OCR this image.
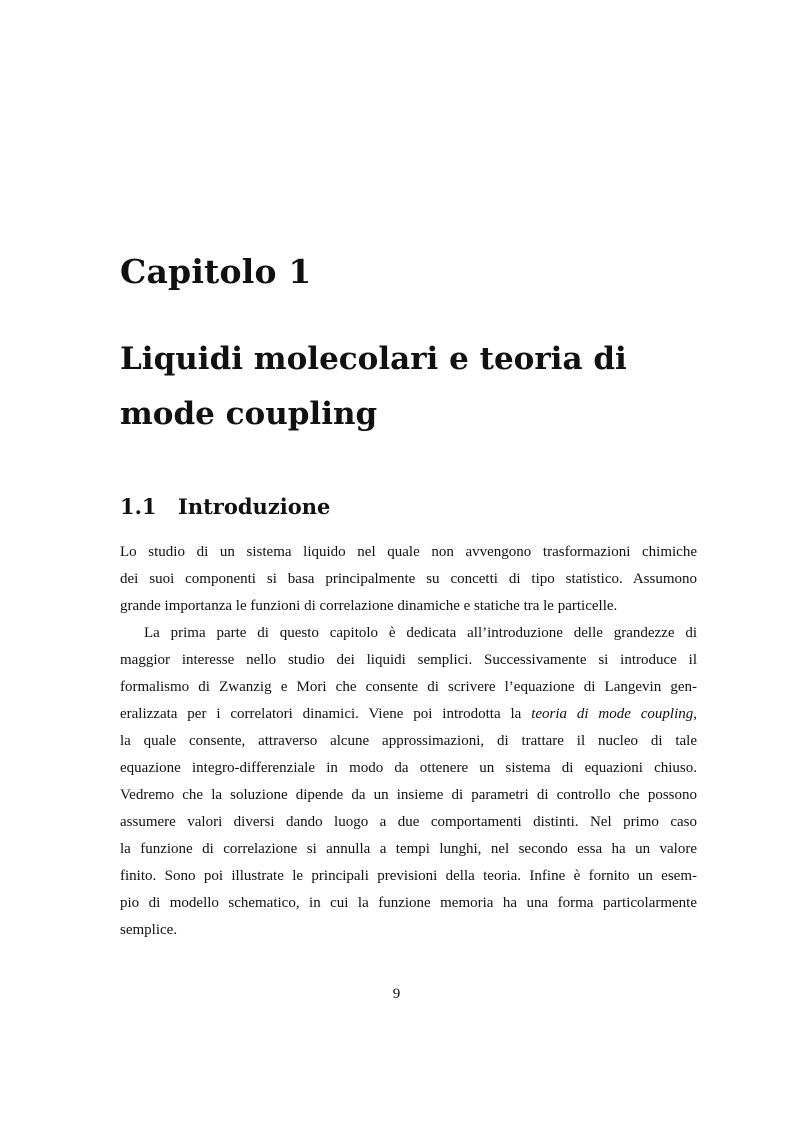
Capitolo 1
Liquidi molecolari e teoria di mode coupling
1.1 Introduzione

Lo studio di un sistema liquido nel quale non avvengono trasformazioni chimiche
dei suoi componenti si basa principalmente su concetti di tipo statistico. Assumono
grande importanza le funzioni di correlazione dinamiche e statiche tra le particelle.

La prima parte di questo capitolo è dedicata all’introduzione delle grandezze di
maggior interesse nello studio dei liquidi semplici. Successivamente si introduce il
formalismo di Zwanzig e Mori che consente di scrivere l’equazione di Langevin gen-
eralizzata per i correlatori dinamici. Viene poi introdotta la teoria di mode coupling,
la quale consente, attraverso alcune approssimazioni, di trattare il nucleo di tale
equazione integro-differenziale in modo da ottenere un sistema di equazioni chiuso.
Vedremo che la soluzione dipende da un insieme di parametri di controllo che possono
assumere valori diversi dando luogo a due comportamenti distinti. Nel primo caso
la funzione di correlazione si annulla a tempi lunghi, nel secondo essa ha un valore
finito. Sono poi illustrate le principali previsioni della teoria. Infine è fornito un esem-
pio di modello schematico, in cui la funzione memoria ha una forma particolarmente
semplice.

9
